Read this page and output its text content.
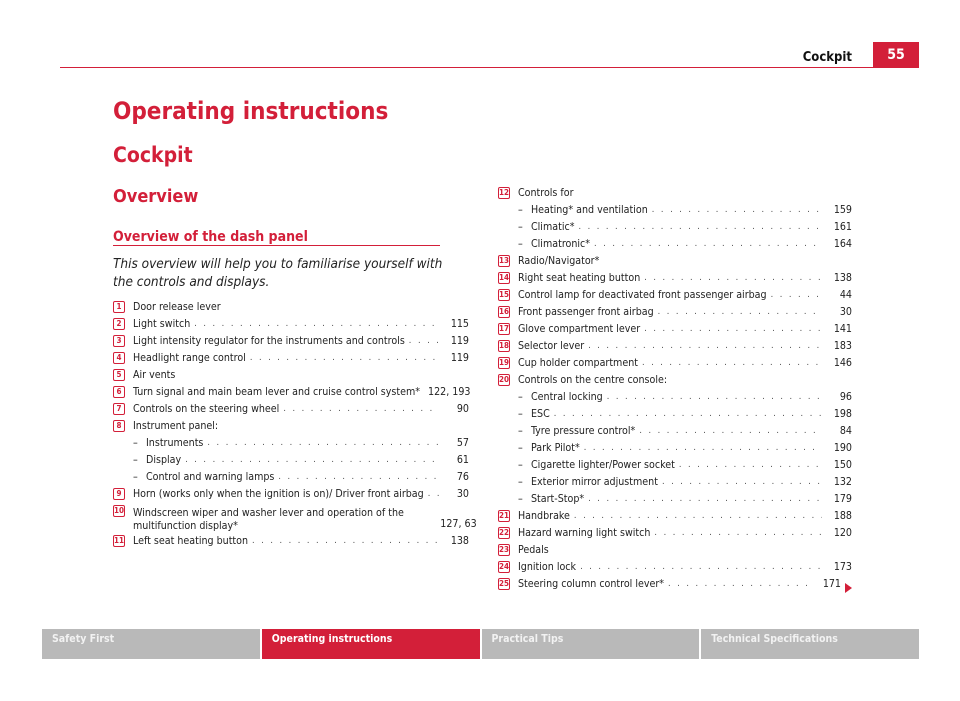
Cockpit	55
Operating instructions
Cockpit
Overview
Overview of the dash panel
This overview will help you to familiarise yourself with the controls and displays.
1	Door release lever
2	Light switch . . .	115
3	Light intensity regulator for the instruments and controls . . .	119
4	Headlight range control . . .	119
5	Air vents
6	Turn signal and main beam lever and cruise control system* 122, 193
7	Controls on the steering wheel . . .	90
8	Instrument panel:
– Instruments . . .	57
– Display . . .	61
– Control and warning lamps . . .	76
9	Horn (works only when the ignition is on)/ Driver front airbag . . .	30
10 Windscreen wiper and washer lever and operation of the multifunction display*	127, 63
11 Left seat heating button . . .	138
12 Controls for
– Heating* and ventilation . . .	159
– Climatic* . . .	161
– Climatronic* . . .	164
13 Radio/Navigator*
14 Right seat heating button . . .	138
15 Control lamp for deactivated front passenger airbag . . .	44
16 Front passenger front airbag . . .	30
17 Glove compartment lever . . .	141
18 Selector lever . . .	183
19 Cup holder compartment . . .	146
20 Controls on the centre console:
– Central locking . . .	96
– ESC . . .	198
– Tyre pressure control* . . .	84
– Park Pilot* . . .	190
– Cigarette lighter/Power socket . . .	150
– Exterior mirror adjustment . . .	132
– Start-Stop* . . .	179
21 Handbrake . . .	188
22 Hazard warning light switch . . .	120
23 Pedals
24 Ignition lock . . .	173
25 Steering column control lever* . . .	171
Safety First	Operating instructions	Practical Tips	Technical Specifications
